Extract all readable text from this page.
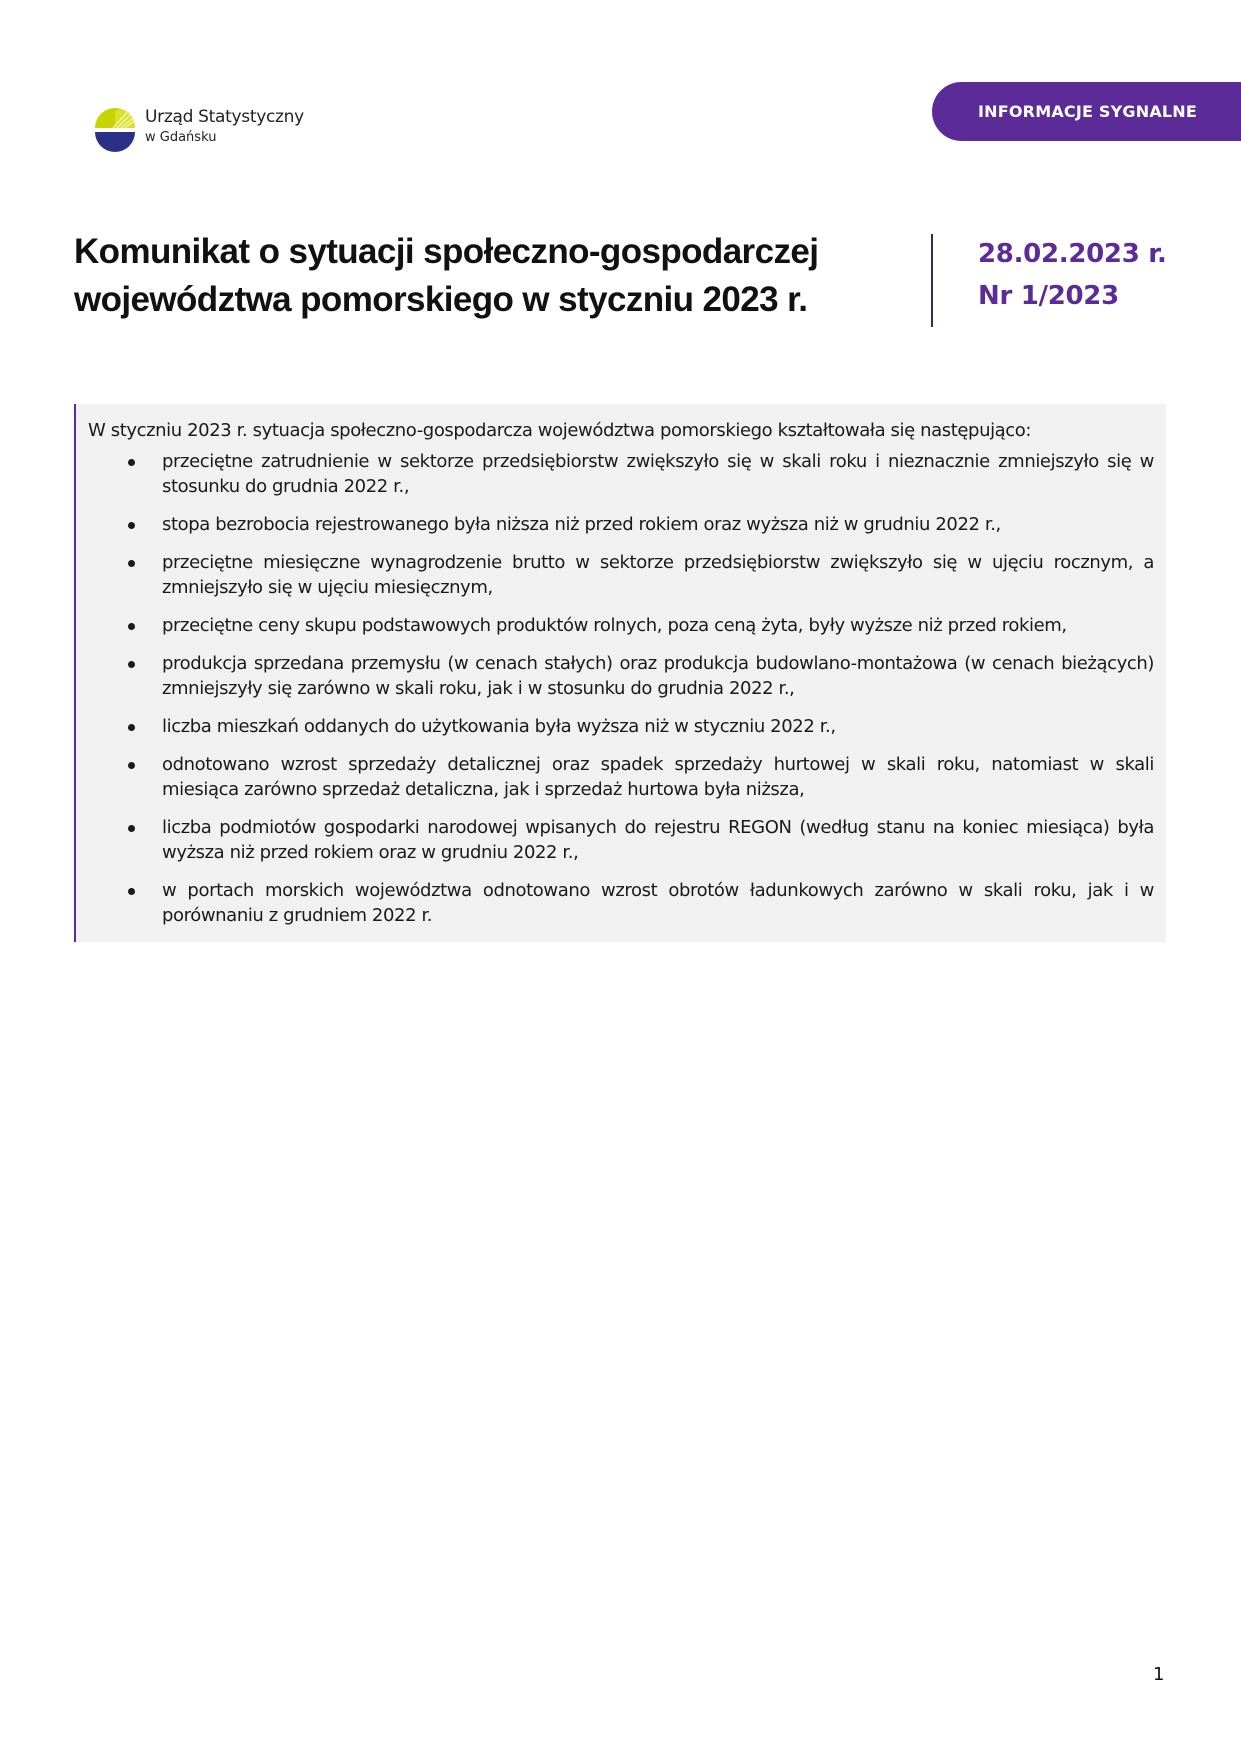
Urząd Statystyczny
w Gdańsku
INFORMACJE SYGNALNE
Komunikat o sytuacji społeczno-gospodarczej
województwa pomorskiego w styczniu 2023 r.
28.02.2023 r.
Nr 1/2023

W styczniu 2023 r. sytuacja społeczno-gospodarcza województwa pomorskiego kształtowała się następująco:

przeciętne zatrudnienie w sektorze przedsiębiorstw zwiększyło się w skali roku i nieznacznie zmniejszyło się w stosunku do grudnia 2022 r.,
stopa bezrobocia rejestrowanego była niższa niż przed rokiem oraz wyższa niż w grudniu 2022 r.,
przeciętne miesięczne wynagrodzenie brutto w sektorze przedsiębiorstw zwiększyło się w ujęciu rocznym, a zmniejszyło się w ujęciu miesięcznym,
przeciętne ceny skupu podstawowych produktów rolnych, poza ceną żyta, były wyższe niż przed rokiem,
produkcja sprzedana przemysłu (w cenach stałych) oraz produkcja budowlano-montażowa (w cenach bieżących) zmniejszyły się zarówno w skali roku, jak i w stosunku do grudnia 2022 r.,
liczba mieszkań oddanych do użytkowania była wyższa niż w styczniu 2022 r.,
odnotowano wzrost sprzedaży detalicznej oraz spadek sprzedaży hurtowej w skali roku, natomiast w skali miesiąca zarówno sprzedaż detaliczna, jak i sprzedaż hurtowa była niższa,
liczba podmiotów gospodarki narodowej wpisanych do rejestru REGON (według stanu na koniec miesiąca) była wyższa niż przed rokiem oraz w grudniu 2022 r.,
w portach morskich województwa odnotowano wzrost obrotów ładunkowych zarówno w skali roku, jak i w porównaniu z grudniem 2022 r.
1
